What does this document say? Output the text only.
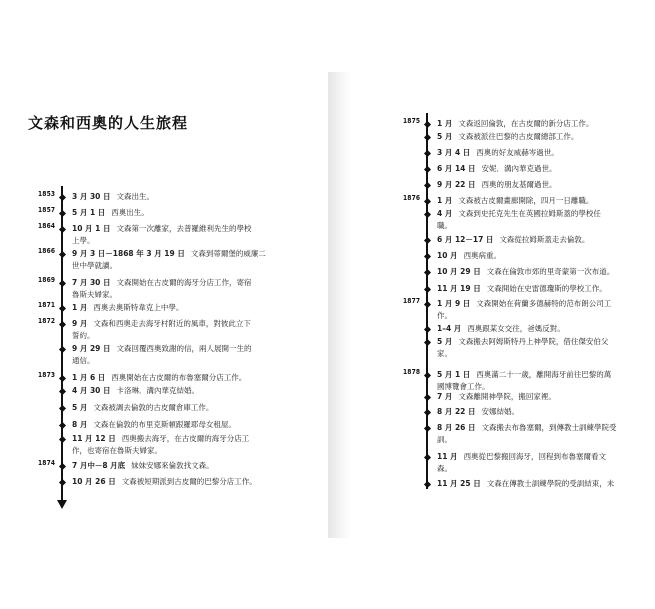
文森和西奧的人生旅程
1853
1857
1864
1866
1869
1871
1872
1873
1874
3 月 30 日 文森出生。
5 月 1 日 西奧出生。
10 月 1 日 文森第一次離家，去普羅維利先生的學校
上學。
9 月 3 日－1868 年 3 月 19 日 文森到蒂爾堡的威廉二
世中學就讀。
7 月 30 日 文森開始在古皮爾的海牙分店工作，寄宿
魯斯夫婦家。
1 月 西奧去奧斯特韋克上中學。
9 月 文森和西奧走去海牙村附近的風車，對彼此立下
誓約。
9 月 29 日 文森回覆西奧致謝的信，兩人展開一生的
通信。
1 月 6 日 西奧開始在古皮爾的布魯塞爾分店工作。
4 月 30 日 卡洛琳．溝內華克結婚。
5 月 文森被調去倫敦的古皮爾倉庫工作。
8 月 文森在倫敦的布里克斯頓跟羅耶母女租屋。
11 月 12 日 西奧搬去海牙，在古皮爾的海牙分店工
作，也寄宿在魯斯夫婦家。
7 月中－8 月底 妹妹安娜來倫敦找文森。
10 月 26 日 文森被短期派到古皮爾的巴黎分店工作。
1875
1876
1877
1878
1 月 文森返回倫敦，在古皮爾的新分店工作。
5 月 文森被派往巴黎的古皮爾總部工作。
3 月 4 日 西奧的好友威赫岑過世。
6 月 14 日 安妮．溝內華克過世。
9 月 22 日 西奧的朋友基爾過世。
1 月 文森被古皮爾畫廊開除，四月一日離職。
4 月 文森到史托克先生在英國拉姆斯蓋的學校任
職。
6 月 12－17 日 文森從拉姆斯蓋走去倫敦。
10 月 西奧病重。
10 月 29 日 文森在倫敦市郊的里奇蒙第一次布道。
11 月 19 日 文森開始在史雷德瓊斯的學校工作。
1 月 9 日 文森開始在荷蘭多德赫特的范布朗公司工
作。
1–4 月 西奧跟某女交往，爸媽反對。
5 月 文森搬去阿姆斯特丹上神學院，借住傑安伯父
家。
5 月 1 日 西奧滿二十一歲，離開海牙前往巴黎的萬
國博覽會工作。
7 月 文森離開神學院，搬回家裡。
8 月 22 日 安娜結婚。
8 月 26 日 文森搬去布魯塞爾，到傳教士訓練學院受
訓。
11 月 西奧從巴黎搬回海牙，回程到布魯塞爾看文
森。
11 月 25 日 文森在傳教士訓練學院的受訓結束，未
